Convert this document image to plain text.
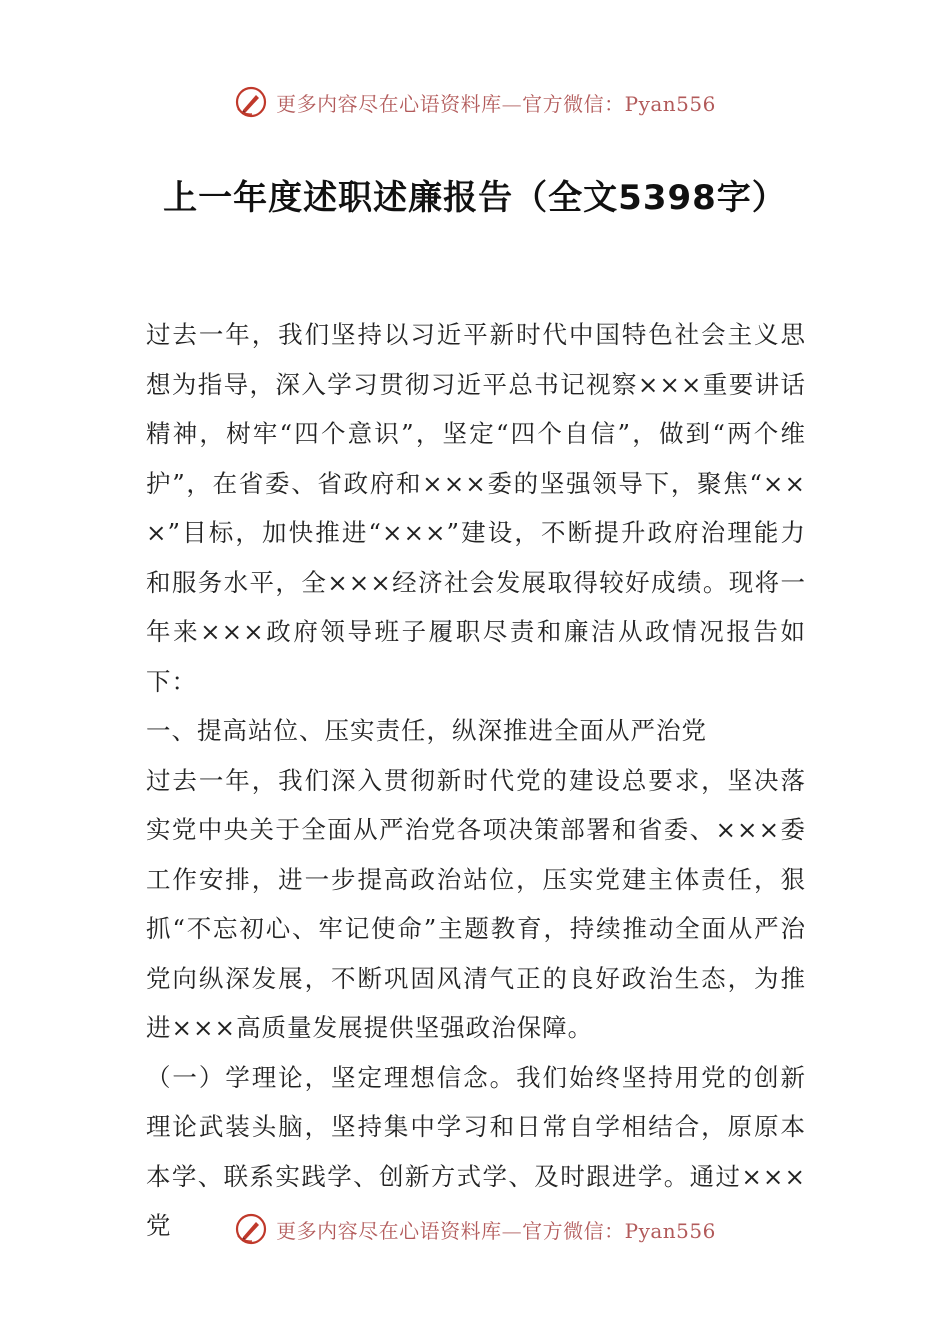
更多内容尽在心语资料库—官方微信：Pyan556
上一年度述职述廉报告（全文5398字）

过去一年，我们坚持以习近平新时代中国特色社会主义思想为指导，深入学习贯彻习近平总书记视察×××重要讲话精神，树牢“四个意识”，坚定“四个自信”，做到“两个维护”，在省委、省政府和×××委的坚强领导下，聚焦“×××”目标，加快推进“×××”建设，不断提升政府治理能力和服务水平，全×××经济社会发展取得较好成绩。现将一年来×××政府领导班子履职尽责和廉洁从政情况报告如下：

一、提高站位、压实责任，纵深推进全面从严治党

过去一年，我们深入贯彻新时代党的建设总要求，坚决落实党中央关于全面从严治党各项决策部署和省委、×××委工作安排，进一步提高政治站位，压实党建主体责任，狠抓“不忘初心、牢记使命”主题教育，持续推动全面从严治党向纵深发展，不断巩固风清气正的良好政治生态，为推进×××高质量发展提供坚强政治保障。

（一）学理论，坚定理想信念。我们始终坚持用党的创新理论武装头脑，坚持集中学习和日常自学相结合，原原本本学、联系实践学、创新方式学、及时跟进学。通过×××党	更多内容尽在心语资料库—官方微信：Pyan556
